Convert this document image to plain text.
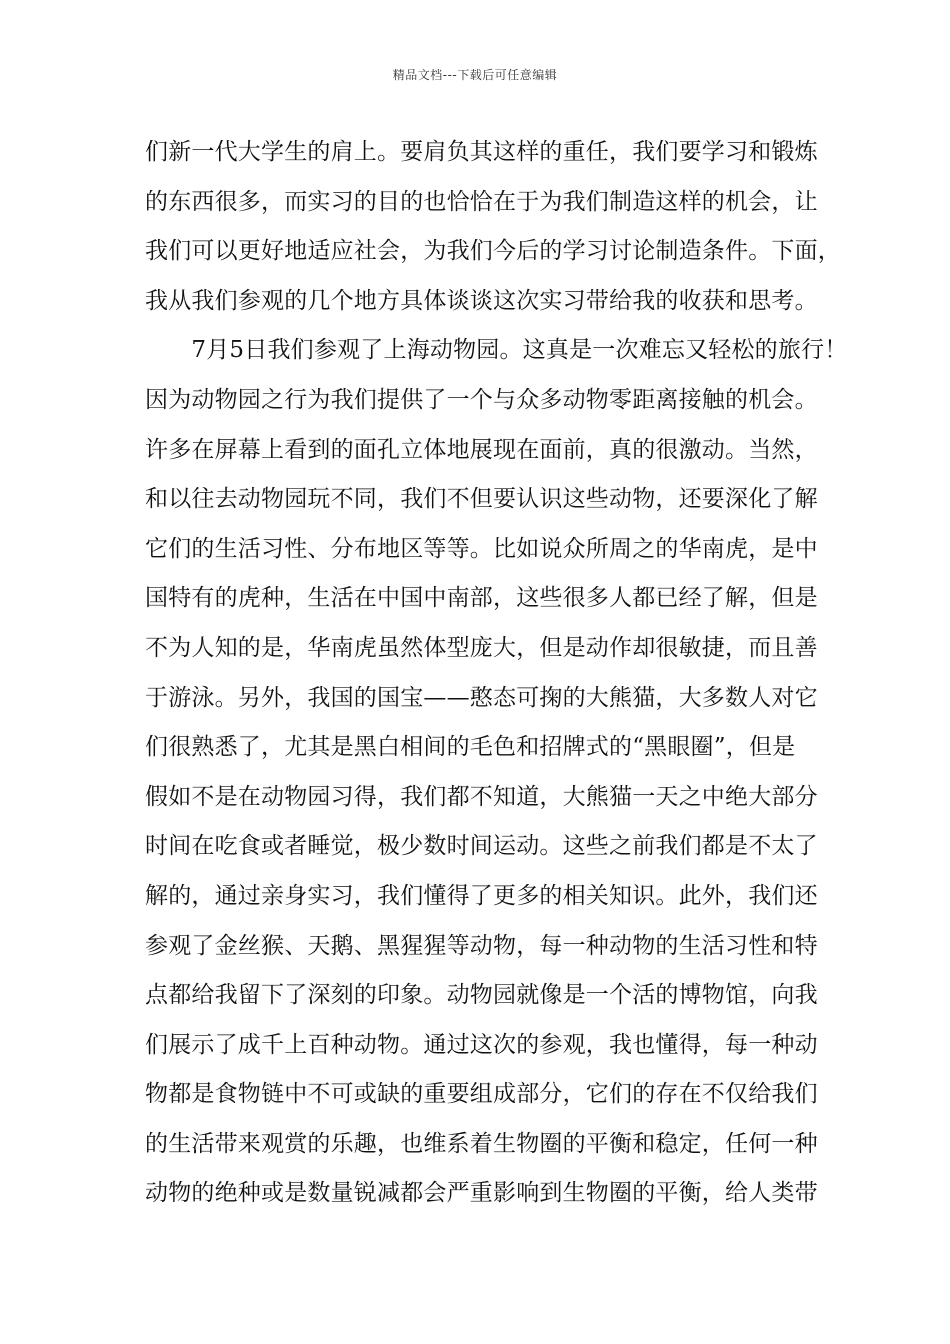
精品文档---下载后可任意编辑
们新一代大学生的肩上。要肩负其这样的重任，我们要学习和锻炼
的东西很多，而实习的目的也恰恰在于为我们制造这样的机会，让
我们可以更好地适应社会，为我们今后的学习讨论制造条件。下面，
我从我们参观的几个地方具体谈谈这次实习带给我的收获和思考。
　　7月5日我们参观了上海动物园。这真是一次难忘又轻松的旅行！
因为动物园之行为我们提供了一个与众多动物零距离接触的机会。
许多在屏幕上看到的面孔立体地展现在面前，真的很激动。当然，
和以往去动物园玩不同，我们不但要认识这些动物，还要深化了解
它们的生活习性、分布地区等等。比如说众所周之的华南虎，是中
国特有的虎种，生活在中国中南部，这些很多人都已经了解，但是
不为人知的是，华南虎虽然体型庞大，但是动作却很敏捷，而且善
于游泳。另外，我国的国宝——憨态可掬的大熊猫，大多数人对它
们很熟悉了，尤其是黑白相间的毛色和招牌式的“黑眼圈”，但是
假如不是在动物园习得，我们都不知道，大熊猫一天之中绝大部分
时间在吃食或者睡觉，极少数时间运动。这些之前我们都是不太了
解的，通过亲身实习，我们懂得了更多的相关知识。此外，我们还
参观了金丝猴、天鹅、黑猩猩等动物，每一种动物的生活习性和特
点都给我留下了深刻的印象。动物园就像是一个活的博物馆，向我
们展示了成千上百种动物。通过这次的参观，我也懂得，每一种动
物都是食物链中不可或缺的重要组成部分，它们的存在不仅给我们
的生活带来观赏的乐趣，也维系着生物圈的平衡和稳定，任何一种
动物的绝种或是数量锐减都会严重影响到生物圈的平衡，给人类带
